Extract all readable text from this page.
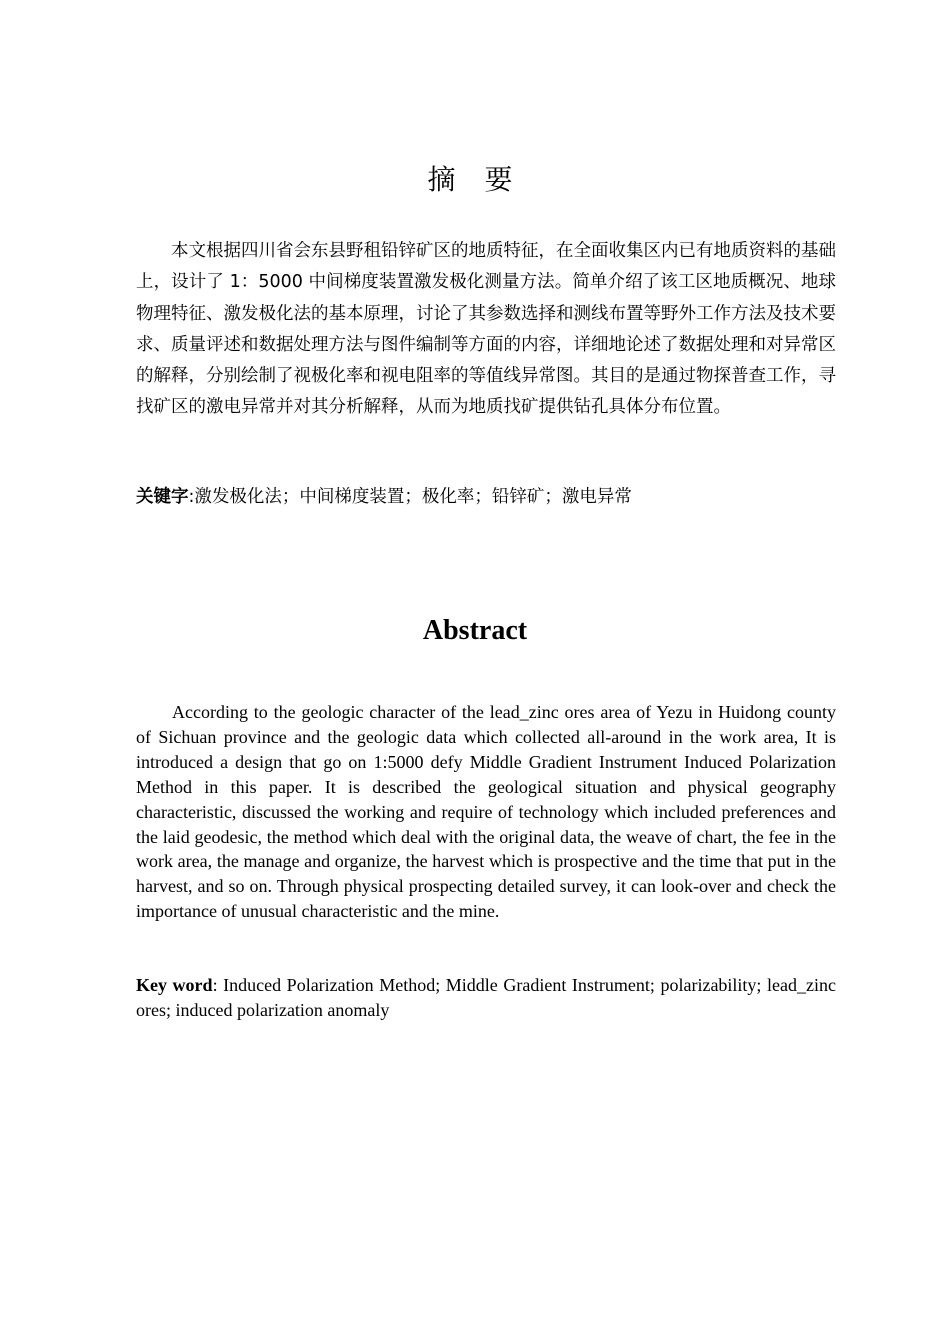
摘 要

本文根据四川省会东县野租铅锌矿区的地质特征，在全面收集区内已有地质资料的基础上，设计了 1：5000 中间梯度装置激发极化测量方法。简单介绍了该工区地质概况、地球物理特征、激发极化法的基本原理，讨论了其参数选择和测线布置等野外工作方法及技术要求、质量评述和数据处理方法与图件编制等方面的内容，详细地论述了数据处理和对异常区的解释，分别绘制了视极化率和视电阻率的等值线异常图。其目的是通过物探普查工作，寻找矿区的激电异常并对其分析解释，从而为地质找矿提供钻孔具体分布位置。

关键字:激发极化法；中间梯度装置；极化率；铅锌矿；激电异常

Abstract

According to the geologic character of the lead_zinc ores area of Yezu in Huidong county of Sichuan province and the geologic data which collected all-around in the work area, It is introduced a design that go on 1:5000 defy Middle Gradient Instrument Induced Polarization Method in this paper. It is described the geological situation and physical geography characteristic, discussed the working and require of technology which included preferences and the laid geodesic, the method which deal with the original data, the weave of chart, the fee in the work area, the manage and organize, the harvest which is prospective and the time that put in the harvest, and so on. Through physical prospecting detailed survey, it can look-over and check the importance of unusual characteristic and the mine.

Key word: Induced Polarization Method; Middle Gradient Instrument; polarizability; lead_zinc ores; induced polarization anomaly
